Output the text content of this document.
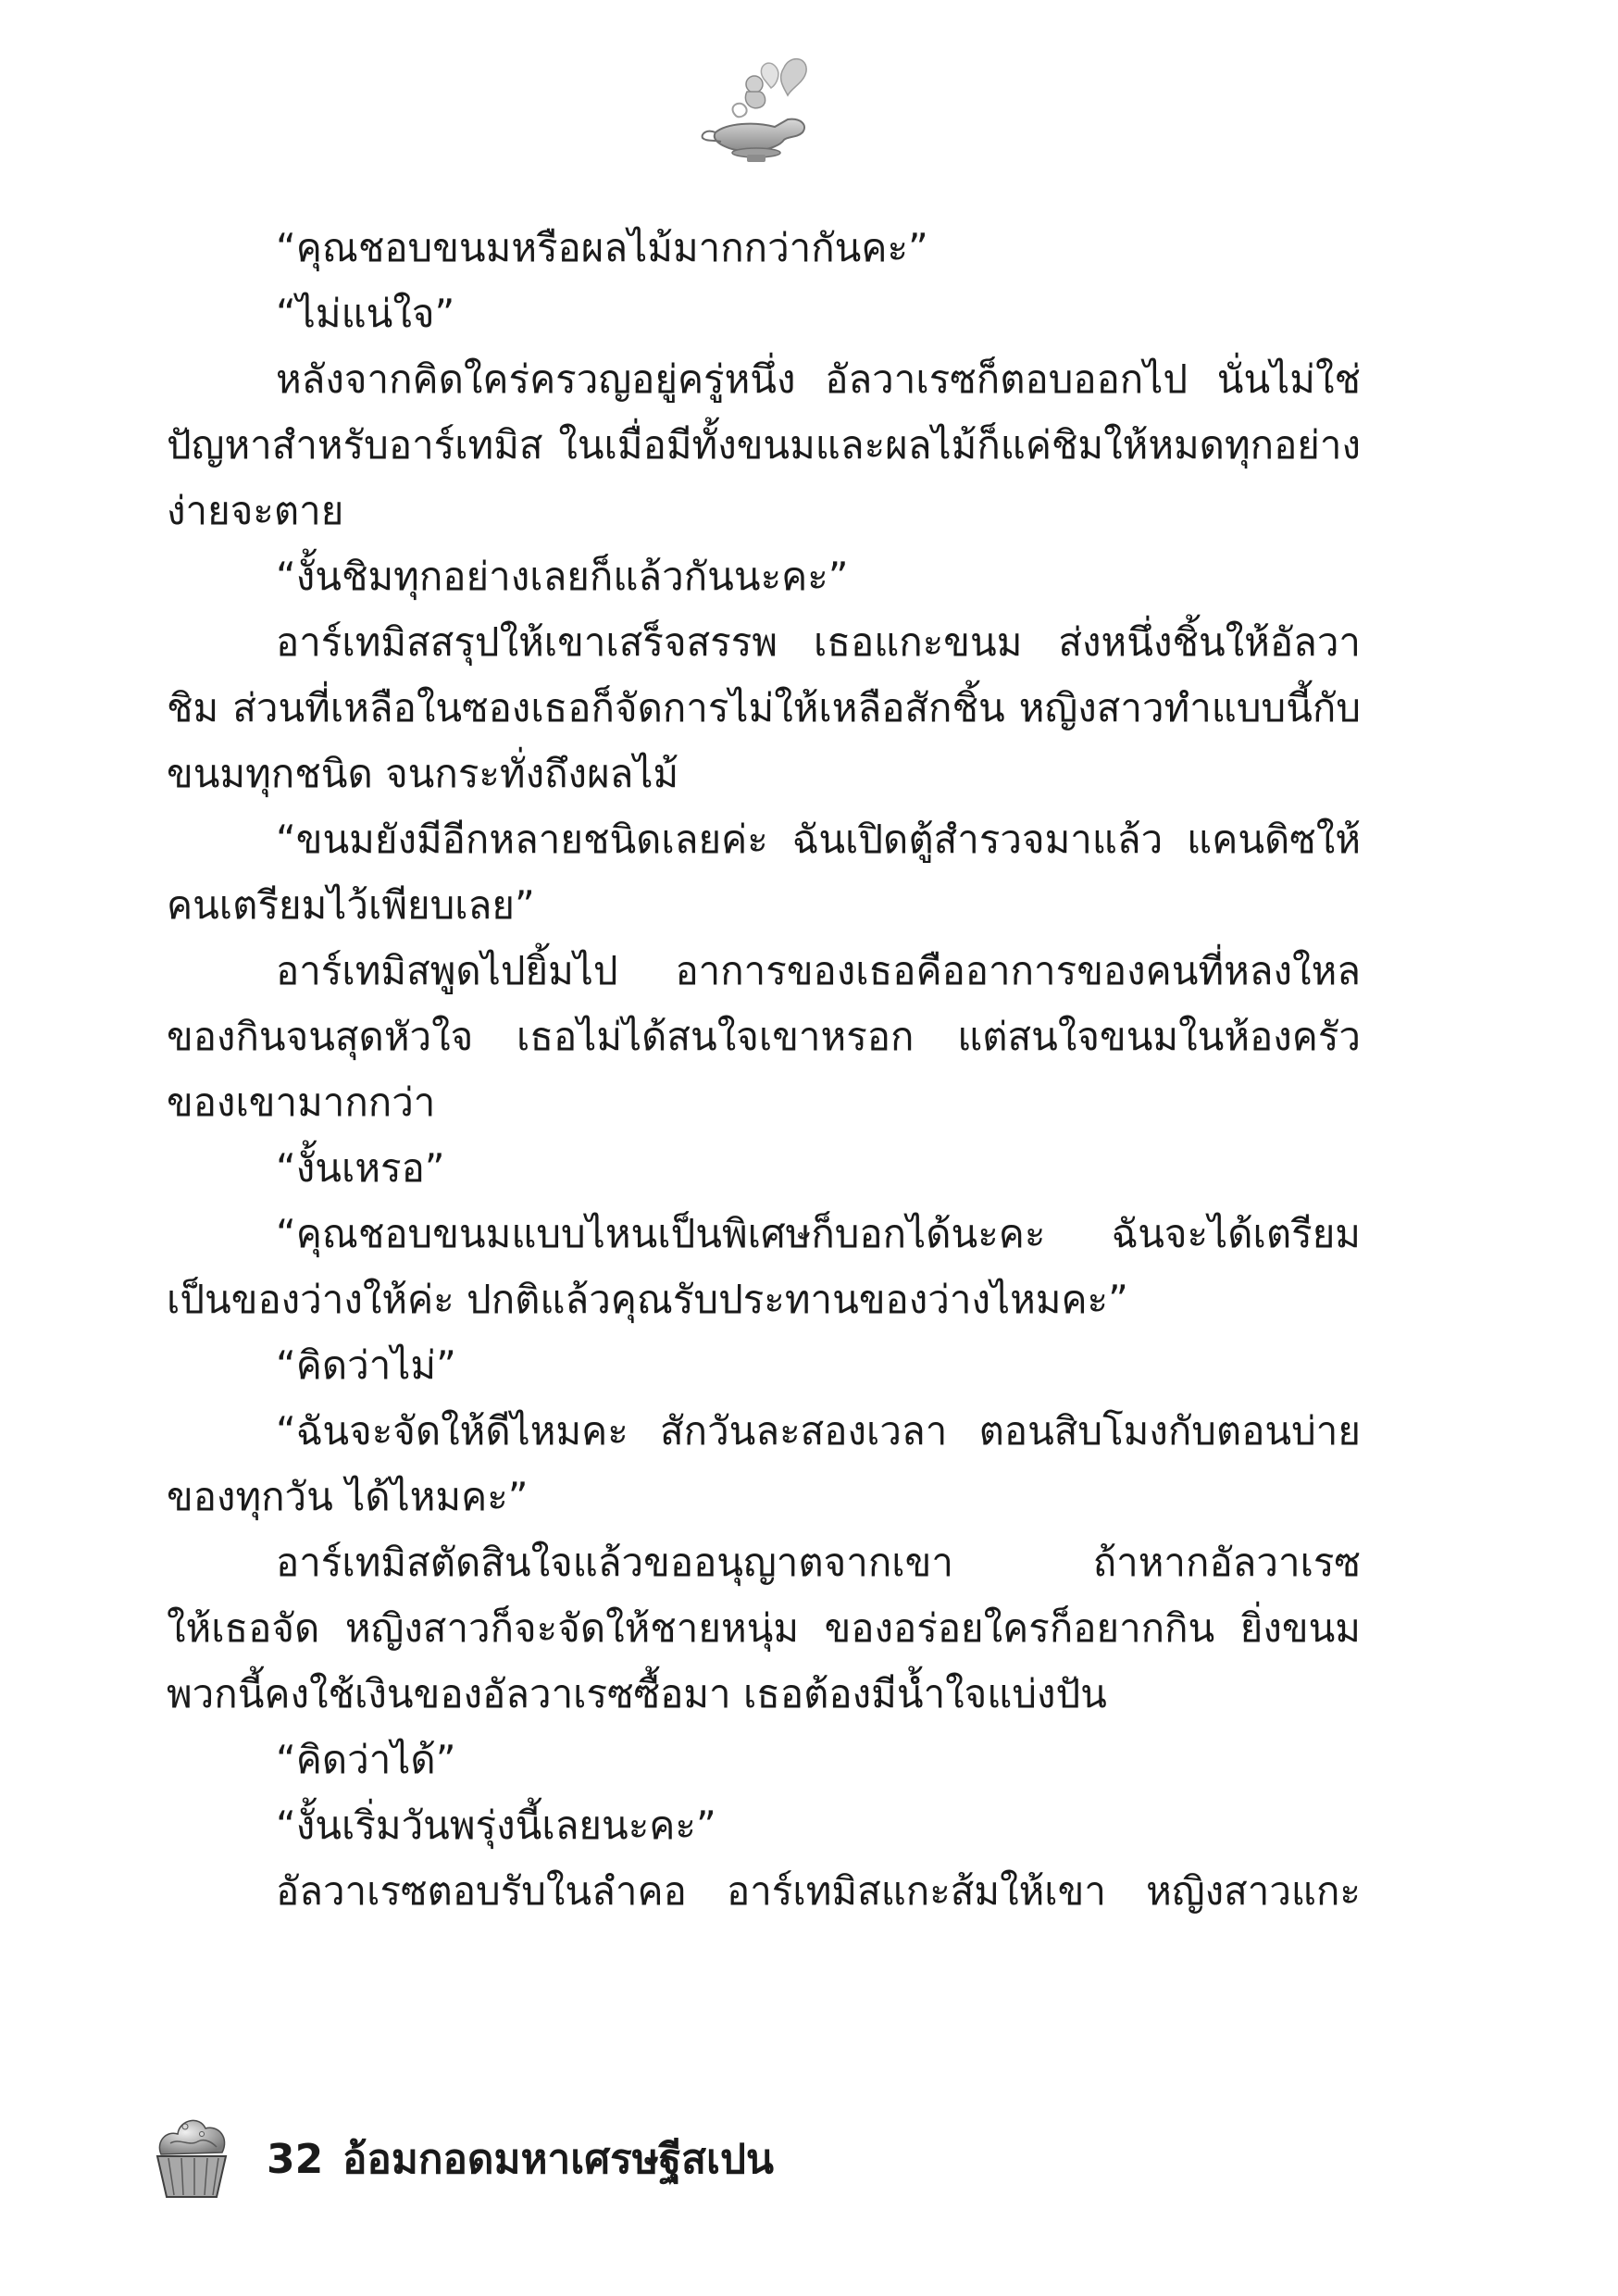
“คุณชอบขนมหรือผลไม้มากกว่ากันคะ”
“ไม่แน่ใจ”
หลังจากคิดใคร่ครวญอยู่ครู่หนึ่ง อัลวาเรซก็ตอบออกไป นั่นไม่ใช่
ปัญหาสำหรับอาร์เทมิส ในเมื่อมีทั้งขนมและผลไม้ก็แค่ชิมให้หมดทุกอย่าง
ง่ายจะตาย
“งั้นชิมทุกอย่างเลยก็แล้วกันนะคะ”
อาร์เทมิสสรุปให้เขาเสร็จสรรพ เธอแกะขนม ส่งหนึ่งชิ้นให้อัลวา
ชิม ส่วนที่เหลือในซองเธอก็จัดการไม่ให้เหลือสักชิ้น หญิงสาวทำแบบนี้กับ
ขนมทุกชนิด จนกระทั่งถึงผลไม้
“ขนมยังมีอีกหลายชนิดเลยค่ะ ฉันเปิดตู้สำรวจมาแล้ว แคนดิซให้
คนเตรียมไว้เพียบเลย”
อาร์เทมิสพูดไปยิ้มไป อาการของเธอคืออาการของคนที่หลงใหล
ของกินจนสุดหัวใจ เธอไม่ได้สนใจเขาหรอก แต่สนใจขนมในห้องครัว
ของเขามากกว่า
“งั้นเหรอ”
“คุณชอบขนมแบบไหนเป็นพิเศษก็บอกได้นะคะ ฉันจะได้เตรียม
เป็นของว่างให้ค่ะ ปกติแล้วคุณรับประทานของว่างไหมคะ”
“คิดว่าไม่”
“ฉันจะจัดให้ดีไหมคะ สักวันละสองเวลา ตอนสิบโมงกับตอนบ่าย
ของทุกวัน ได้ไหมคะ”
อาร์เทมิสตัดสินใจแล้วขออนุญาตจากเขา ถ้าหากอัลวาเรซ
ให้เธอจัด หญิงสาวก็จะจัดให้ชายหนุ่ม ของอร่อยใครก็อยากกิน ยิ่งขนม
พวกนี้คงใช้เงินของอัลวาเรซซื้อมา เธอต้องมีน้ำใจแบ่งปัน
“คิดว่าได้”
“งั้นเริ่มวันพรุ่งนี้เลยนะคะ”
อัลวาเรซตอบรับในลำคอ อาร์เทมิสแกะส้มให้เขา หญิงสาวแกะ
32 อ้อมกอดมหาเศรษฐีสเปน
